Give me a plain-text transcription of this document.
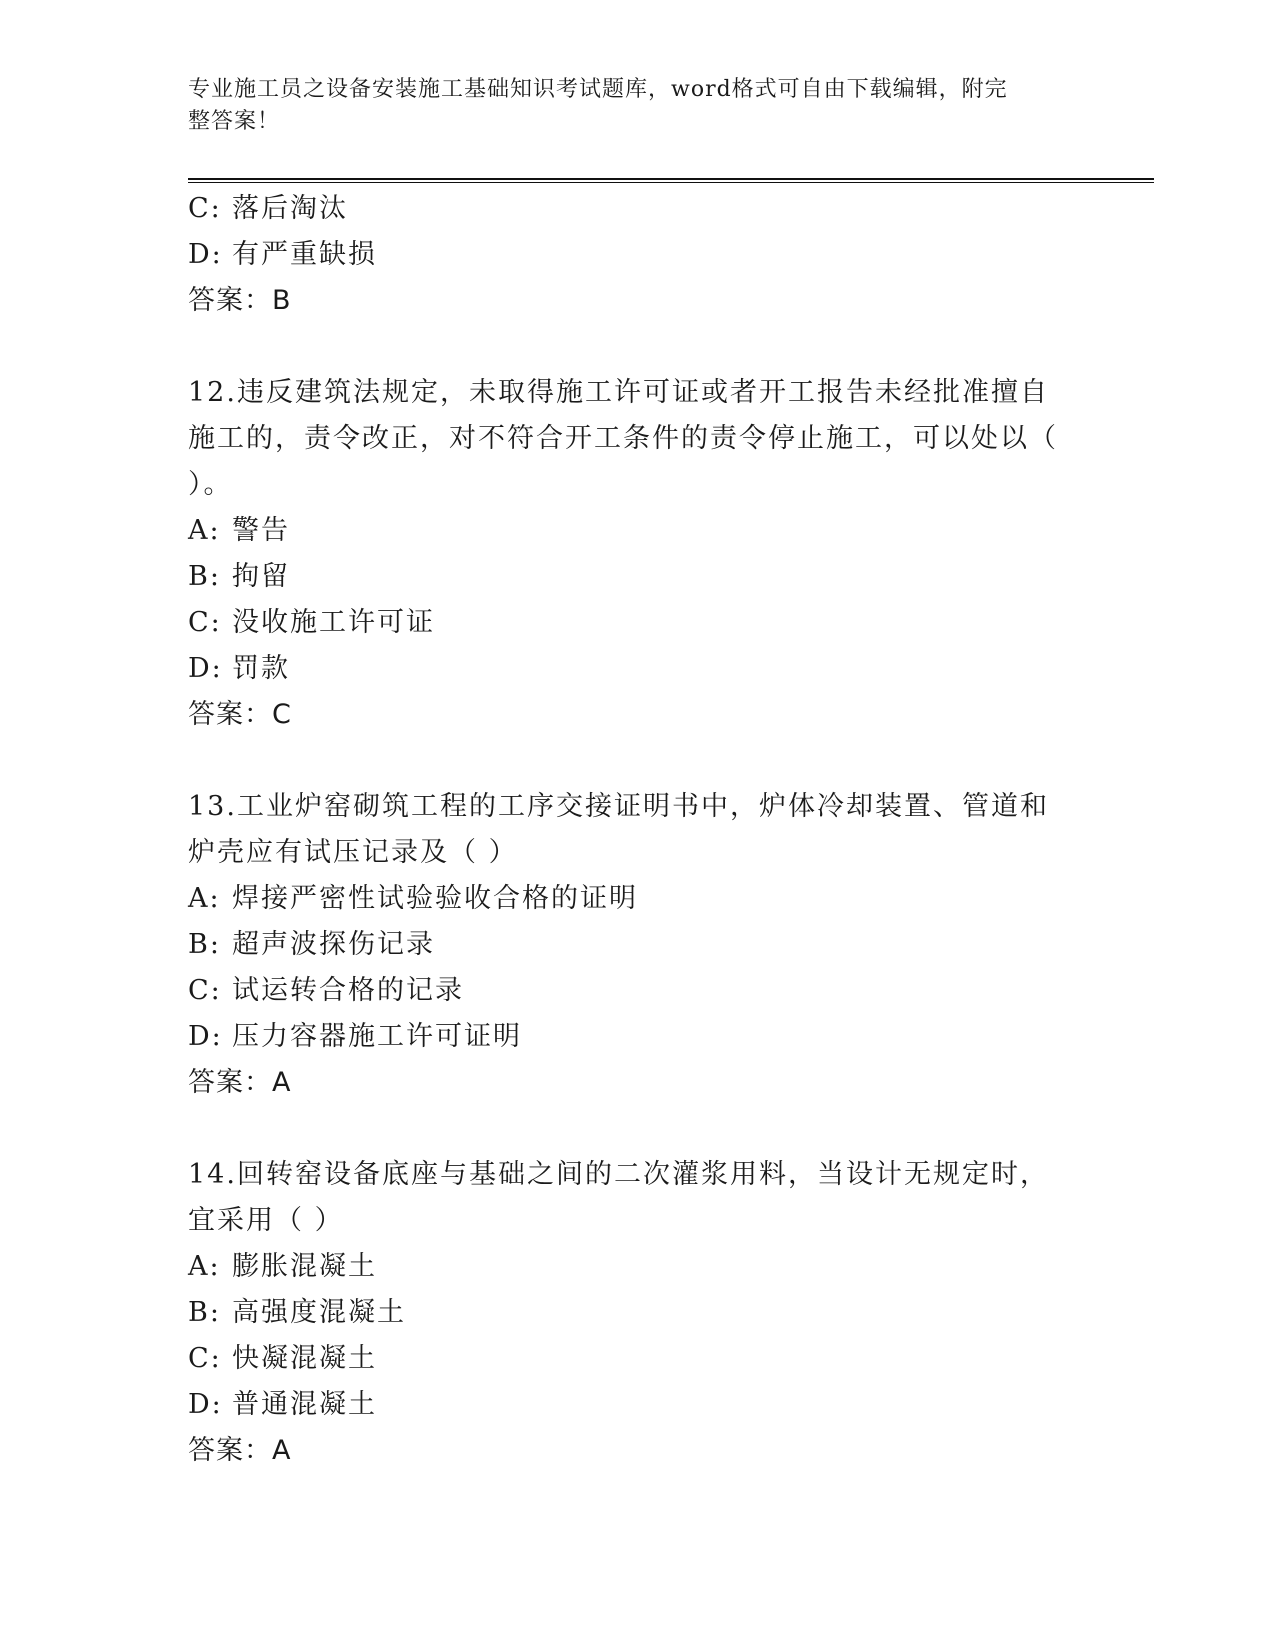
专业施工员之设备安装施工基础知识考试题库，word格式可自由下载编辑，附完
整答案！
C: 落后淘汰
D: 有严重缺损
答案：B
12.违反建筑法规定，未取得施工许可证或者开工报告未经批准擅自施工的，责令改正，对不符合开工条件的责令停止施工，可以处以（ ）。
A: 警告
B: 拘留
C: 没收施工许可证
D: 罚款
答案：C
13.工业炉窑砌筑工程的工序交接证明书中，炉体冷却装置、管道和炉壳应有试压记录及（ ）
A: 焊接严密性试验验收合格的证明
B: 超声波探伤记录
C: 试运转合格的记录
D: 压力容器施工许可证明
答案：A
14.回转窑设备底座与基础之间的二次灌浆用料，当设计无规定时，宜采用（ ）
A: 膨胀混凝土
B: 高强度混凝土
C: 快凝混凝土
D: 普通混凝土
答案：A
